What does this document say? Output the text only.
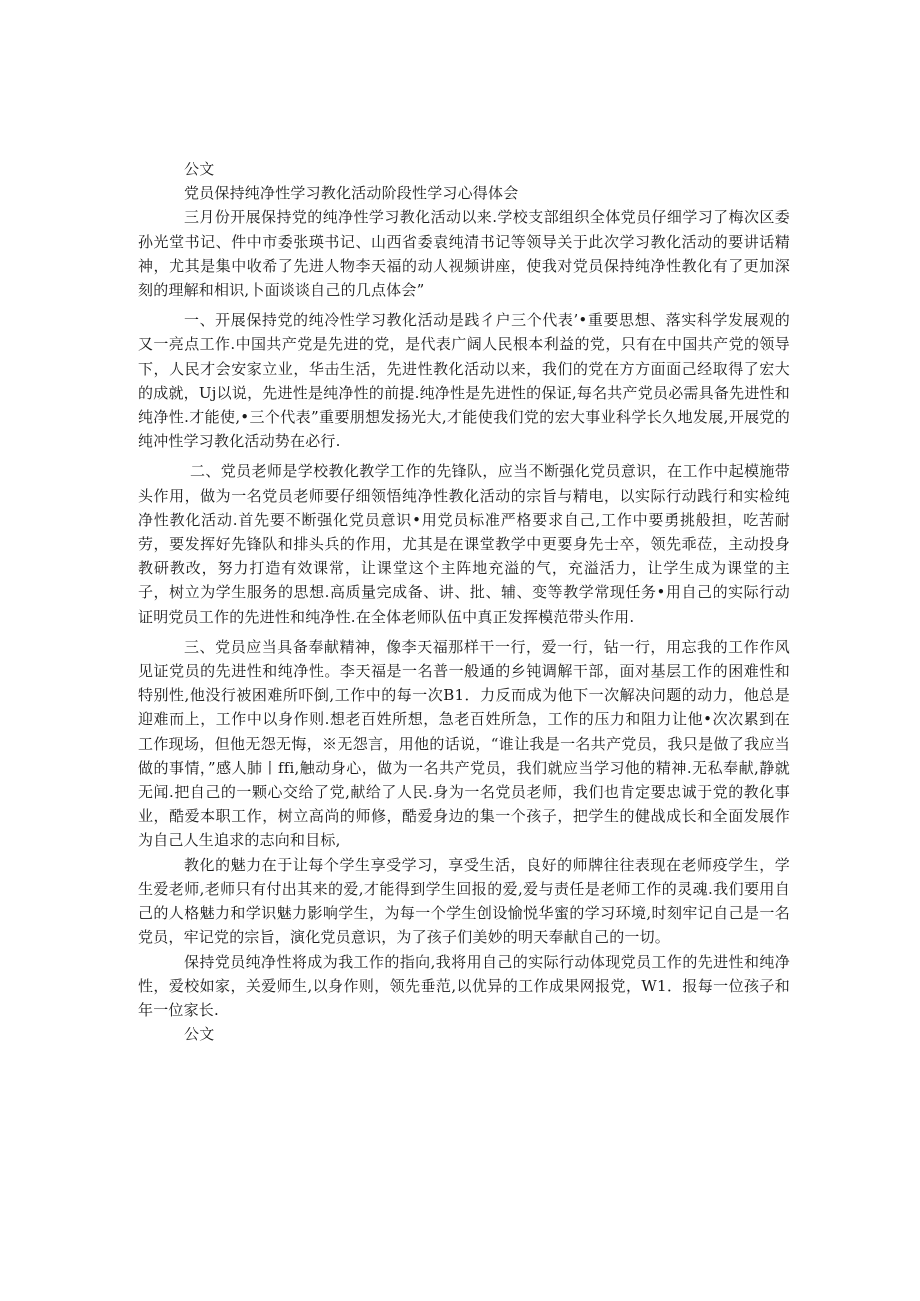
公文

党员保持纯净性学习教化活动阶段性学习心得体会

三月份开展保持党的纯净性学习教化活动以来.学校支部组织全体党员仔细学习了梅次区委孙光堂书记、件中市委张瑛书记、山西省委袁纯清书记等领导关于此次学习教化活动的要讲话精神，尤其是集中收希了先进人物李天福的动人视频讲座，使我对党员保持纯净性教化有了更加深刻的理解和相识,卜面谈谈自己的几点体会”

一、开展保持党的纯冷性学习教化活动是践彳户三个代表’•重要思想、落实科学发展观的又一亮点工作.中国共产党是先进的党，是代表广阔人民根本利益的党，只有在中国共产党的领导下，人民才会安家立业，华击生活，先进性教化活动以来，我们的党在方方面面己经取得了宏大的成就，Uj以说，先进性是纯净性的前提.纯净性是先进性的保证,每名共产党员必需具备先进性和纯净性.才能使,•三个代表”重要朋想发扬光大,才能使我们党的宏大事业科学长久地发展,开展党的纯冲性学习教化活动势在必行.

二、党员老师是学校教化教学工作的先锋队，应当不断强化党员意识，在工作中起模施带头作用，做为一名党员老师要仔细领悟纯净性教化活动的宗旨与精电，以实际行动践行和实检纯净性教化活动.首先要不断强化党员意识•用党员标准严格要求自己,工作中要勇挑般担，吃苦耐劳，要发挥好先锋队和排头兵的作用，尤其是在课堂教学中更要身先士卒，领先乖莅，主动投身教研教改，努力打造有效课常，让课堂这个主阵地充溢的气，充溢活力，让学生成为课堂的主子，树立为学生服务的思想.高质量完成备、讲、批、辅、变等教学常现任务•用自己的实际行动证明党员工作的先进性和纯净性.在全体老师队伍中真正发挥模范带头作用.

三、党员应当具备奉献精神，像李天福那样干一行，爱一行，钻一行，用忘我的工作作风见证党员的先进性和纯净性。李天福是一名普一般通的乡钝调解干部，面对基层工作的困难性和特别性,他没行被困难所吓倒,工作中的每一次B1．力反而成为他下一次解决问题的动力，他总是迎难而上，工作中以身作则.想老百姓所想，急老百姓所急，工作的压力和阻力让他•次次累到在工作现场，但他无怨无悔，※无怨言，用他的话说，“谁让我是一名共产党员，我只是做了我应当做的事情，”感人肺丨ffi,触动身心，做为一名共产党员，我们就应当学习他的精神.无私奉献,静就无闻.把自己的一颗心交给了党,献给了人民.身为一名党员老师，我们也肯定要忠诚于党的教化事业，酷爱本职工作，树立高尚的师修，酷爱身边的集一个孩子，把学生的健战成长和全面发展作为自己人生追求的志向和目标,

教化的魅力在于让每个学生享受学习，享受生活，良好的师牌往往表现在老师疫学生，学生爱老师,老师只有付出其来的爱,才能得到学生回报的爱,爱与责任是老师工作的灵魂.我们要用自己的人格魅力和学识魅力影响学生，为每一个学生创设愉悦华蜜的学习环境,时刻牢记自己是一名党员，牢记党的宗旨，演化党员意识，为了孩子们美妙的明天奉献自己的一切。

保持党员纯净性将成为我工作的指向,我将用自己的实际行动体现党员工作的先进性和纯净性，爱校如家，关爱师生,以身作则，领先垂范,以优异的工作成果网报党，W1．报每一位孩子和年一位家长.

公文
